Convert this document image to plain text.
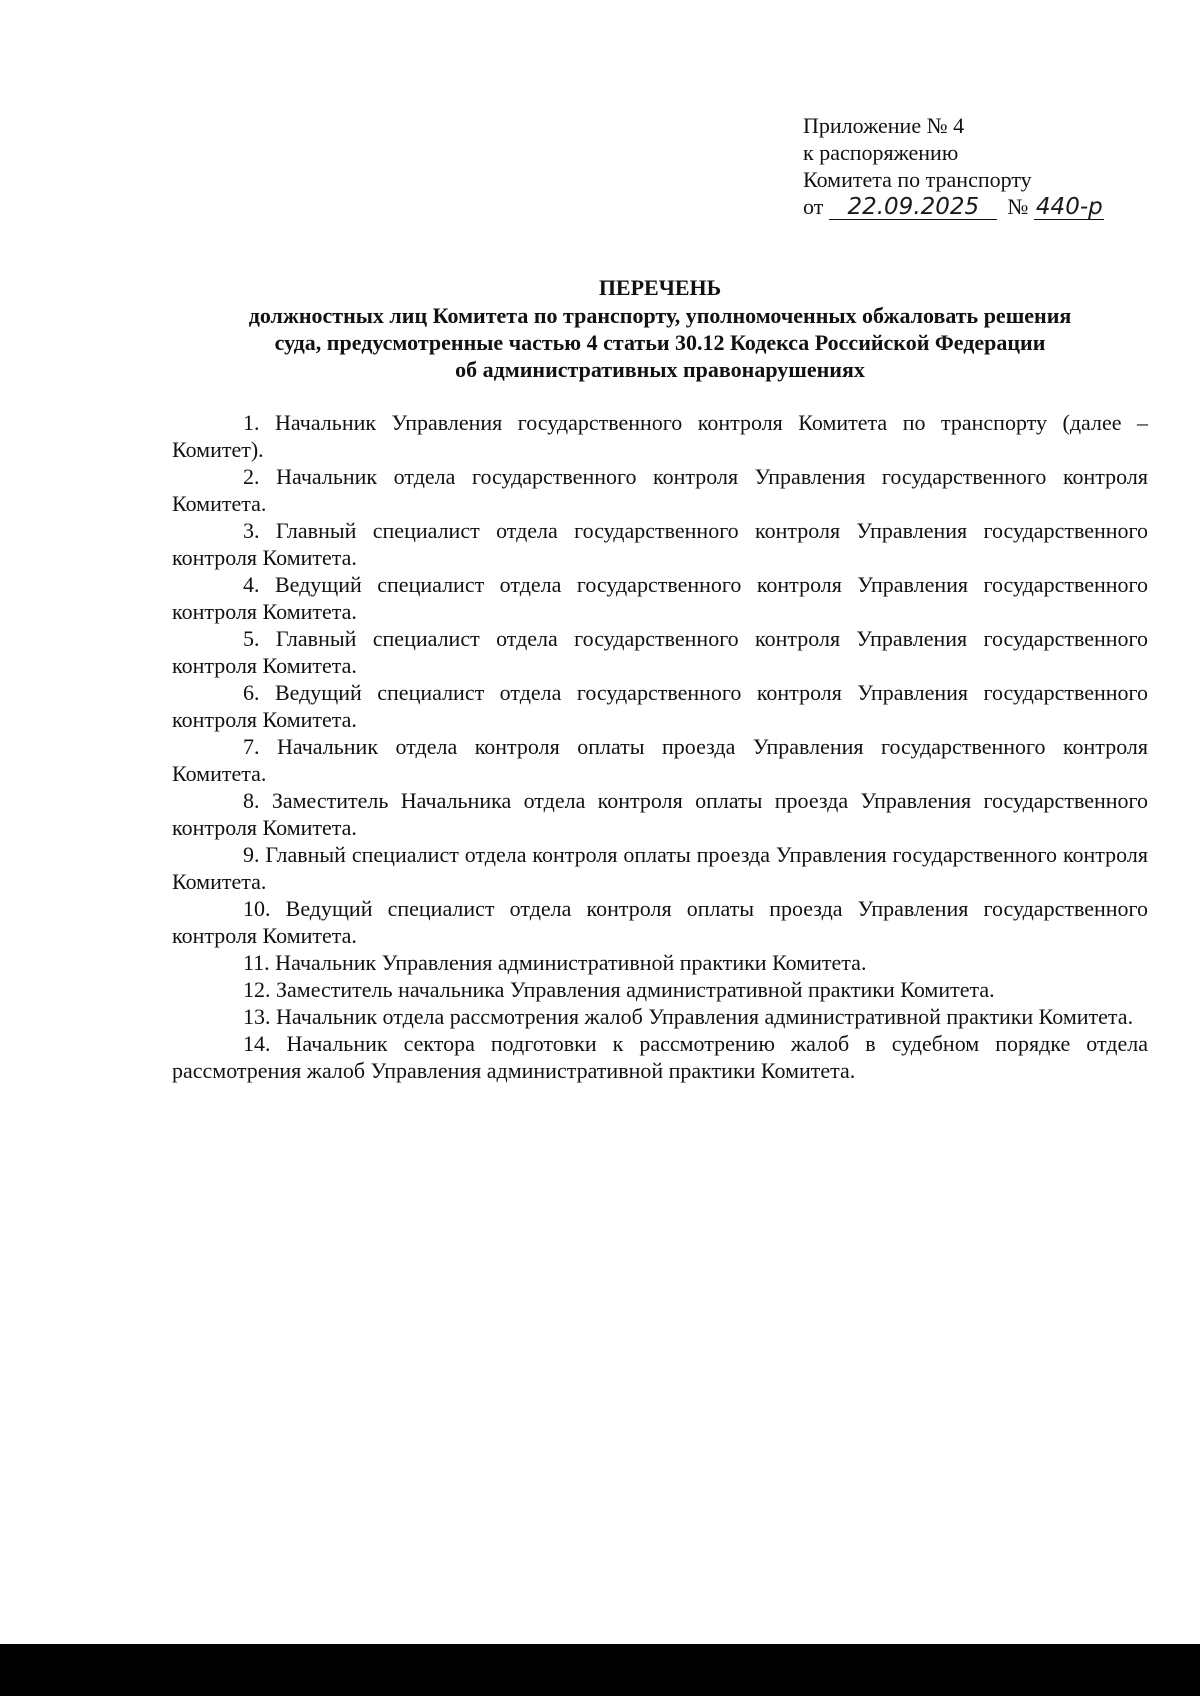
Приложение № 4
к распоряжению
Комитета по транспорту
от	22.09.2025	№ 440-р
ПЕРЕЧЕНЬ
должностных лиц Комитета по транспорту, уполномоченных обжаловать решения
суда, предусмотренные частью 4 статьи 30.12 Кодекса Российской Федерации
об административных правонарушениях

1. Начальник Управления государственного контроля Комитета по транспорту (далее – Комитет).

2. Начальник отдела государственного контроля Управления государственного контроля Комитета.

3. Главный специалист отдела государственного контроля Управления государственного контроля Комитета.

4. Ведущий специалист отдела государственного контроля Управления государственного контроля Комитета.

5. Главный специалист отдела государственного контроля Управления государственного контроля Комитета.

6. Ведущий специалист отдела государственного контроля Управления государственного контроля Комитета.

7. Начальник отдела контроля оплаты проезда Управления государственного контроля Комитета.

8. Заместитель Начальника отдела контроля оплаты проезда Управления государственного контроля Комитета.

9. Главный специалист отдела контроля оплаты проезда Управления государственного контроля Комитета.

10. Ведущий специалист отдела контроля оплаты проезда Управления государственного контроля Комитета.

11. Начальник Управления административной практики Комитета.

12. Заместитель начальника Управления административной практики Комитета.

13. Начальник отдела рассмотрения жалоб Управления административной практики Комитета.

14. Начальник сектора подготовки к рассмотрению жалоб в судебном порядке отдела рассмотрения жалоб Управления административной практики Комитета.
